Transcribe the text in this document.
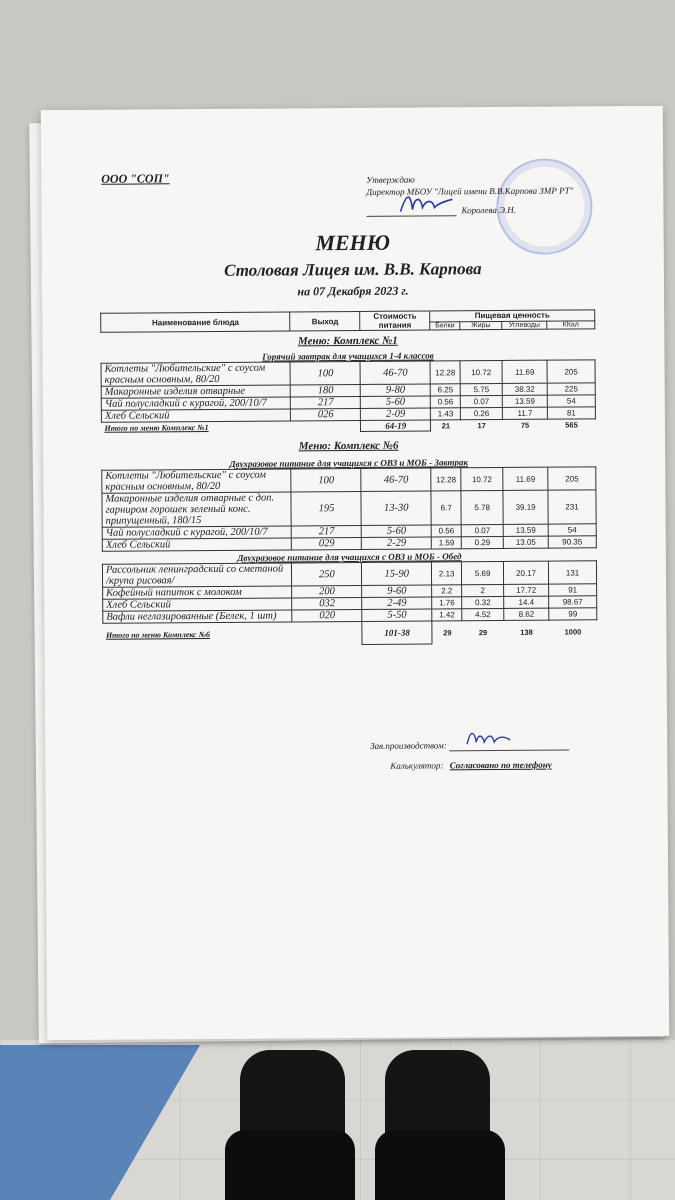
ООО "СОП"	Утверждаю
Директор МБОУ "Лицей имени В.В.Карпова ЗМР РТ"
Королева Э.Н.
МЕНЮ
Столовая Лицея им. В.В. Карпова
на 07 Декабря 2023 г.
Наименование блюда	Выход	Стоимость питания	Пищевая ценность			
			Белки	Жиры	Углеводы	ККал
Меню: Комплекс №1						
Горячий завтрак для учащихся 1-4 классов						
Котлеты "Любительские" с соусом красным основным, 80/20	100	46-70	12.28	10.72	11.69	205
Макаронные изделия отварные	180	9-80	6.25	5.75	38.32	225
Чай полусладкий с курагой, 200/10/7	217	5-60	0.56	0.07	13.59	54
Хлеб Сельский	026	2-09	1.43	0.26	11.7	81
Итого по меню Комплекс №1		64-19	21	17	75	565
Меню: Комплекс №6						
Двухразовое питание для учащихся с ОВЗ и МОБ - Завтрак						
Котлеты "Любительские" с соусом красным основным, 80/20	100	46-70	12.28	10.72	11.69	205
Макаронные изделия отварные с доп. гарниром горошек зеленый конс. припущенный, 180/15	195	13-30	6.7	5.78	39.19	231
Чай полусладкий с курагой, 200/10/7	217	5-60	0.56	0.07	13.59	54
Хлеб Сельский	029	2-29	1.59	0.29	13.05	90.35
Двухразовое питание для учащихся с ОВЗ и МОБ - Обед						
Рассольник ленинградский со сметаной /крупа рисовая/	250	15-90	2.13	5.69	20.17	131
Кофейный напиток с молоком	200	9-60	2.2	2	17.72	91
Хлеб Сельский	032	2-49	1.76	0.32	14.4	98.67
Вафли неглазированные (Белек, 1 шт)	020	5-50	1.42	4.52	8.62	99
Итого по меню Комплекс №6		101-38	29	29	138	1000
Зав.производством:

Калькулятор: Согласовано по телефону
